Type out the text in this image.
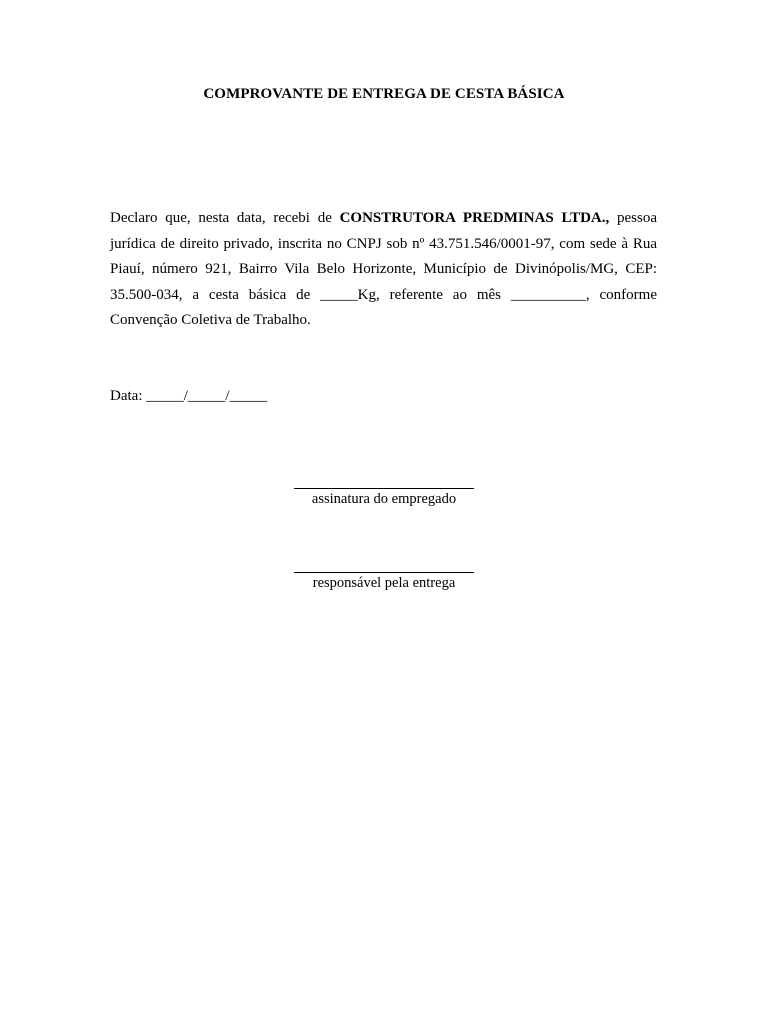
COMPROVANTE DE ENTREGA DE CESTA BÁSICA

Declaro que, nesta data, recebi de CONSTRUTORA PREDMINAS LTDA., pessoa jurídica de direito privado, inscrita no CNPJ sob nº 43.751.546/0001-97, com sede à Rua Piauí, número 921, Bairro Vila Belo Horizonte, Município de Divinópolis/MG, CEP: 35.500-034, a cesta básica de _____Kg, referente ao mês __________, conforme Convenção Coletiva de Trabalho.

Data: _____/_____/_____
assinatura do empregado
responsável pela entrega
